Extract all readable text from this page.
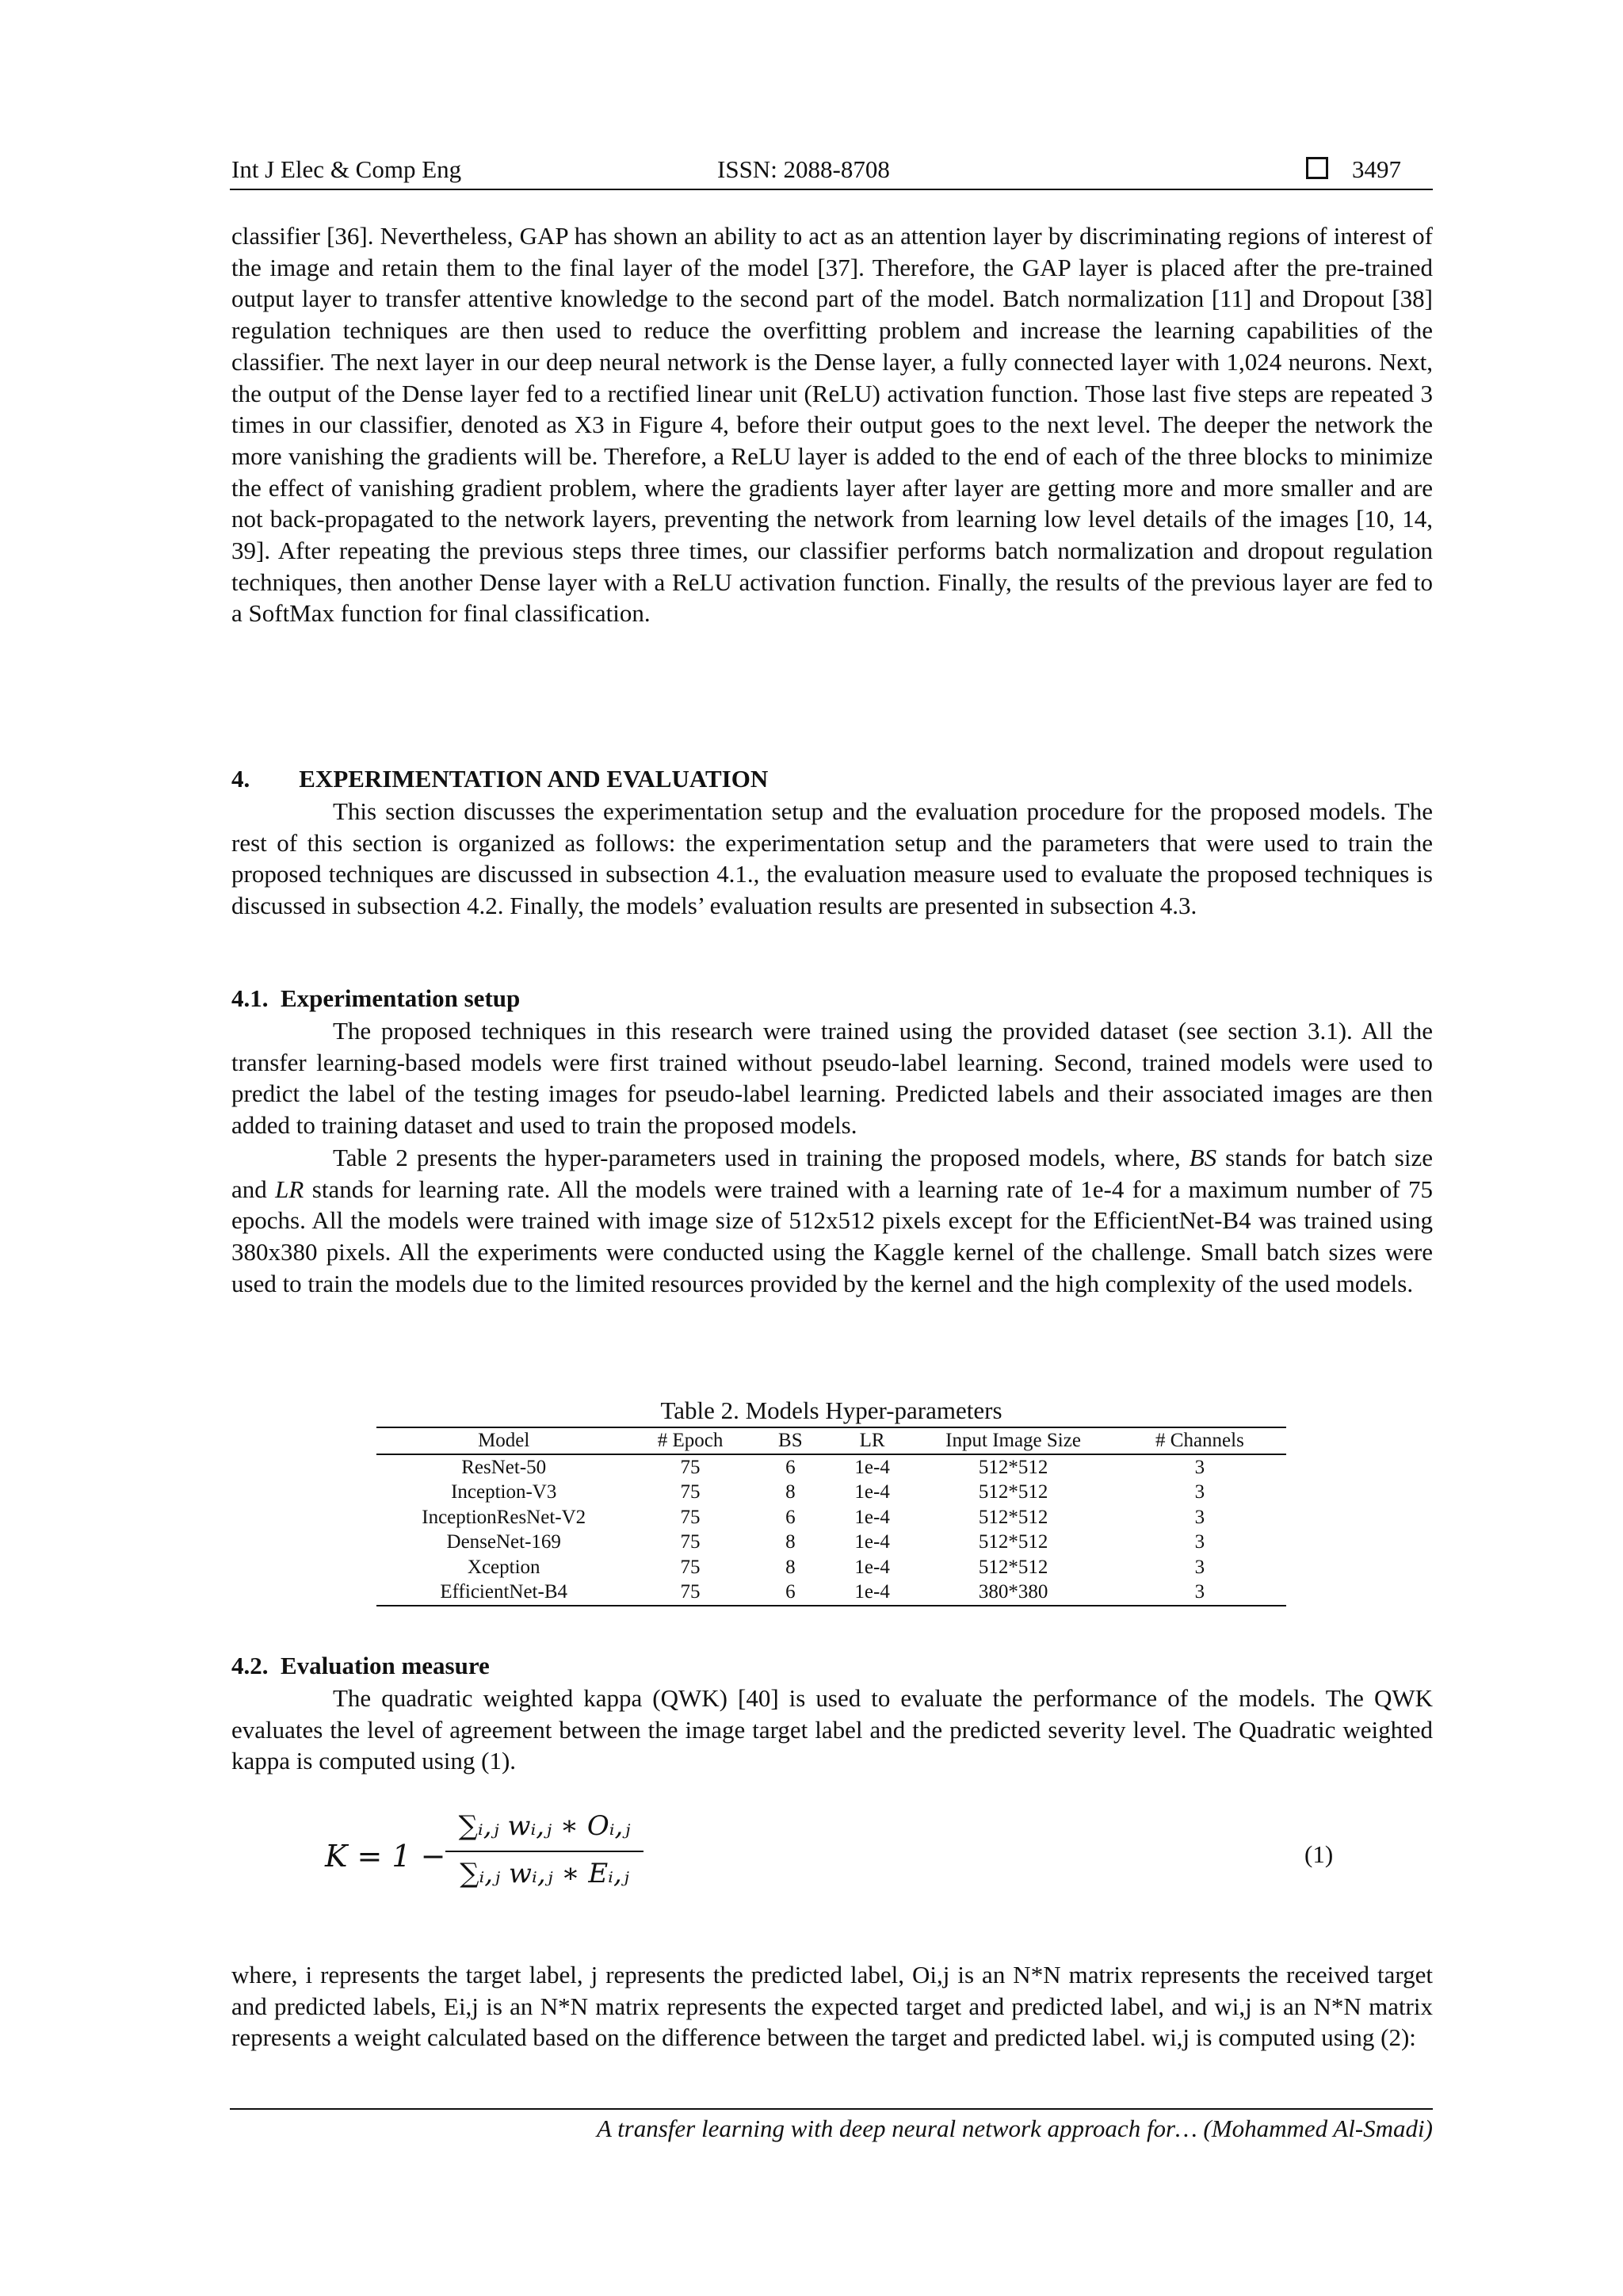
Int J Elec & Comp Eng	ISSN: 2088-8708	3497
classifier [36]. Nevertheless, GAP has shown an ability to act as an attention layer by discriminating regions of interest of the image and retain them to the final layer of the model [37]. Therefore, the GAP layer is placed after the pre-trained output layer to transfer attentive knowledge to the second part of the model. Batch normalization [11] and Dropout [38] regulation techniques are then used to reduce the overfitting problem and increase the learning capabilities of the classifier. The next layer in our deep neural network is the Dense layer, a fully connected layer with 1,024 neurons. Next, the output of the Dense layer fed to a rectified linear unit (ReLU) activation function. Those last five steps are repeated 3 times in our classifier, denoted as X3 in Figure 4, before their output goes to the next level. The deeper the network the more vanishing the gradients will be. Therefore, a ReLU layer is added to the end of each of the three blocks to minimize the effect of vanishing gradient problem, where the gradients layer after layer are getting more and more smaller and are not back-propagated to the network layers, preventing the network from learning low level details of the images [10, 14, 39]. After repeating the previous steps three times, our classifier performs batch normalization and dropout regulation techniques, then another Dense layer with a ReLU activation function. Finally, the results of the previous layer are fed to a SoftMax function for final classification.
4. EXPERIMENTATION AND EVALUATION
This section discusses the experimentation setup and the evaluation procedure for the proposed models. The rest of this section is organized as follows: the experimentation setup and the parameters that were used to train the proposed techniques are discussed in subsection 4.1., the evaluation measure used to evaluate the proposed techniques is discussed in subsection 4.2. Finally, the models’ evaluation results are presented in subsection 4.3.
4.1.  Experimentation setup
The proposed techniques in this research were trained using the provided dataset (see section 3.1). All the transfer learning-based models were first trained without pseudo-label learning. Second, trained models were used to predict the label of the testing images for pseudo-label learning. Predicted labels and their associated images are then added to training dataset and used to train the proposed models.
Table 2 presents the hyper-parameters used in training the proposed models, where, BS stands for batch size and LR stands for learning rate. All the models were trained with a learning rate of 1e-4 for a maximum number of 75 epochs. All the models were trained with image size of 512x512 pixels except for the EfficientNet-B4 was trained using 380x380 pixels. All the experiments were conducted using the Kaggle kernel of the challenge. Small batch sizes were used to train the models due to the limited resources provided by the kernel and the high complexity of the used models.
Table 2. Models Hyper-parameters
Model	# Epoch	BS	LR	Input Image Size	# Channels
ResNet-50	75	6	1e-4	512*512	3
Inception-V3	75	8	1e-4	512*512	3
InceptionResNet-V2	75	6	1e-4	512*512	3
DenseNet-169	75	8	1e-4	512*512	3
Xception	75	8	1e-4	512*512	3
EfficientNet-B4	75	6	1e-4	380*380	3
4.2.  Evaluation measure
The quadratic weighted kappa (QWK) [40] is used to evaluate the performance of the models. The QWK evaluates the level of agreement between the image target label and the predicted severity level. The Quadratic weighted kappa is computed using (1).
K = 1 −
∑ᵢ,ⱼ wᵢ,ⱼ ∗ Oᵢ,ⱼ
∑ᵢ,ⱼ wᵢ,ⱼ ∗ Eᵢ,ⱼ
(1)
where, i represents the target label, j represents the predicted label, Oi,j is an N*N matrix represents the received target and predicted labels, Ei,j is an N*N matrix represents the expected target and predicted label, and wi,j is an N*N matrix represents a weight calculated based on the difference between the target and predicted label. wi,j is computed using (2):
A transfer learning with deep neural network approach for… (Mohammed Al-Smadi)
